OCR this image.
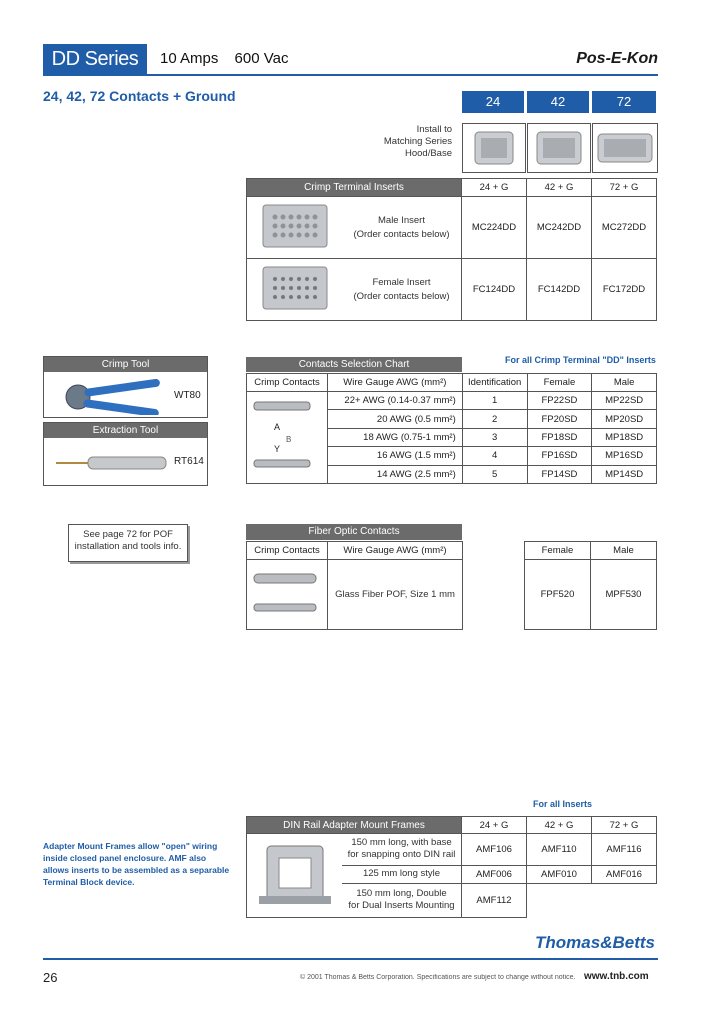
DD Series	10 Amps 600 Vac	Pos-E-Kon
24, 42, 72 Contacts + Ground	24	42	72
Install to
Matching Series
Hood/Base
Crimp Terminal Inserts		24 + G	42 + G	72 + G

Male Insert
(Order contacts below)	MC224DD	MC242DD	MC272DD

Female Insert
(Order contacts below)	FC124DD	FC142DD	FC172DD
Crimp Tool
WT80
Extraction Tool
RT614
For all Crimp Terminal "DD" Inserts
Contacts Selection Chart
Crimp Contacts	Wire Gauge AWG (mm²)	Identification	Female	Male

A
B
Y	22+ AWG (0.14-0.37 mm²)	1	FP22SD	MP22SD
	20 AWG (0.5 mm²)	2	FP20SD	MP20SD
	18 AWG (0.75-1 mm²)	3	FP18SD	MP18SD
	16 AWG (1.5 mm²)	4	FP16SD	MP16SD
	14 AWG (2.5 mm²)	5	FP14SD	MP14SD
See page 72 for POF
installation and tools info.
Fiber Optic Contacts
Crimp Contacts	Wire Gauge AWG (mm²)
	Glass Fiber POF, Size 1 mm
Female	Male
FPF520	MPF530
For all Inserts
Adapter Mount Frames allow "open" wiring inside closed panel enclosure. AMF also allows inserts to be assembled as a separable Terminal Block device.
DIN Rail Adapter Mount Frames		24 + G	42 + G	72 + G

150 mm long, with base
for snapping onto DIN rail	AMF106	AMF110	AMF116
	125 mm long style	AMF006	AMF010	AMF016

	150 mm long, Double
for Dual Inserts Mounting	AMF112		
Thomas&Betts
26	© 2001 Thomas & Betts Corporation. Specifications are subject to change without notice. www.tnb.com
